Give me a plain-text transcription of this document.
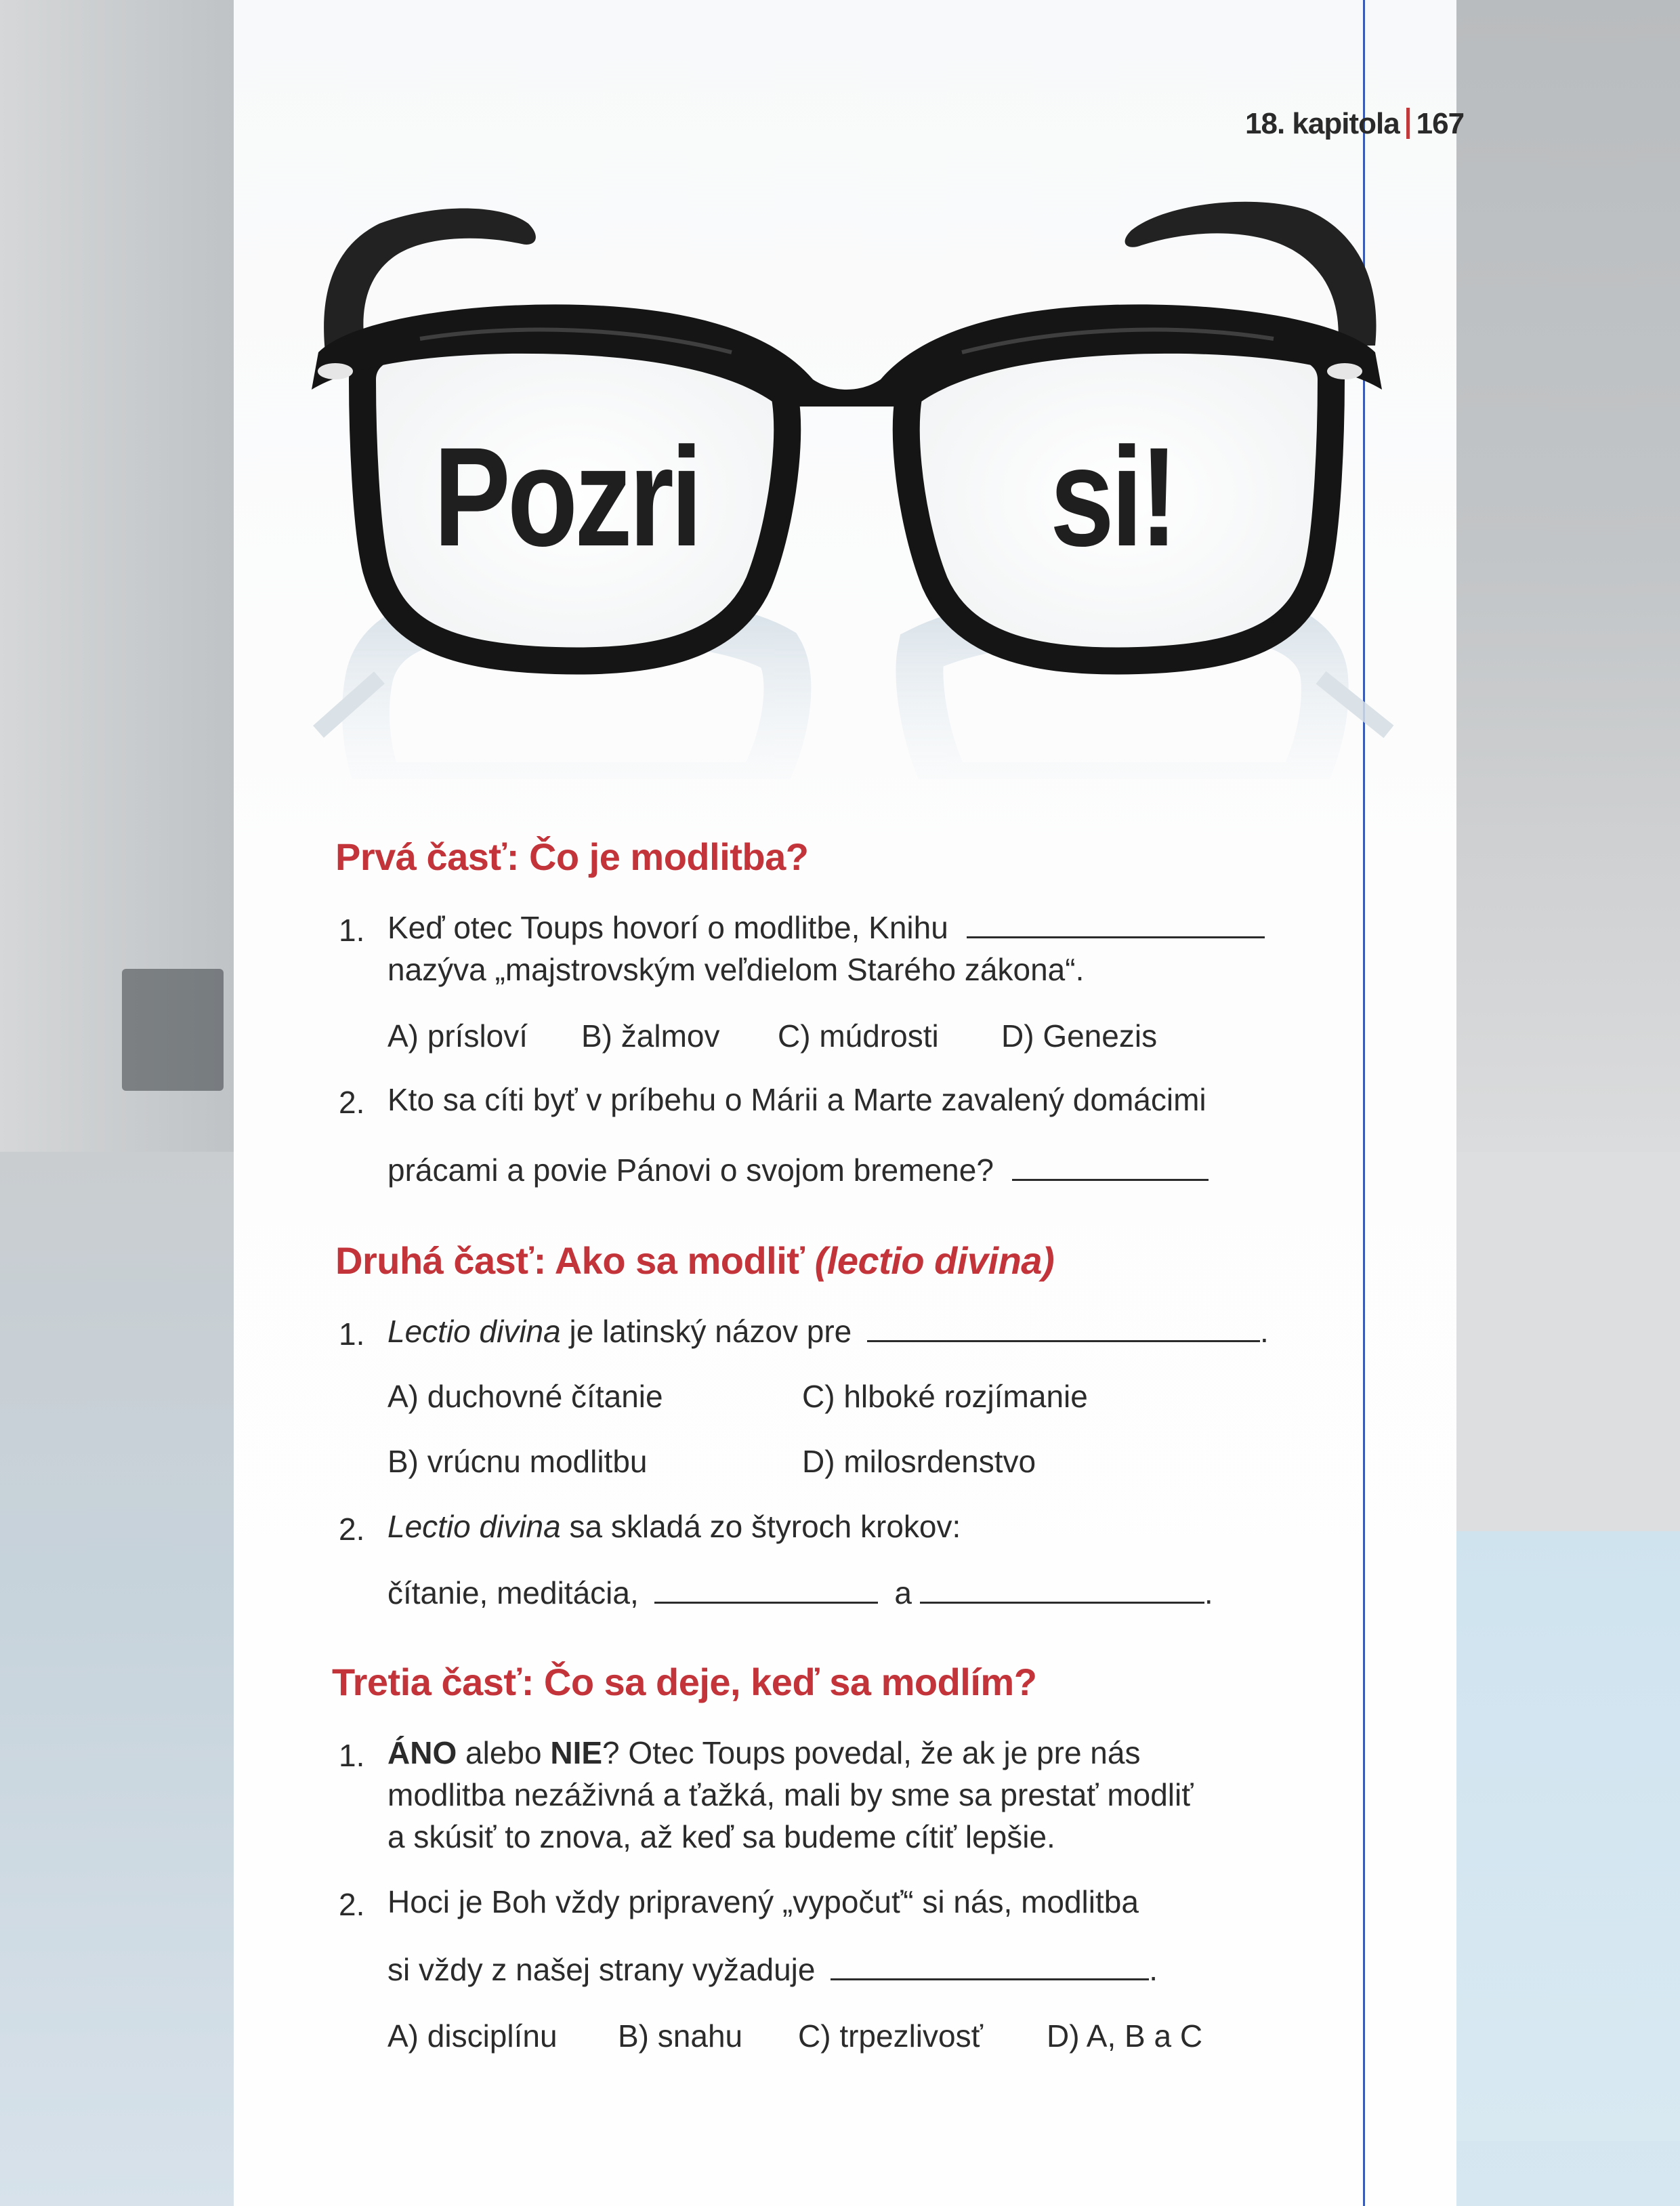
Pozri si!
18. kapitola 167
Prvá časť: Čo je modlitba?
1. Keď otec Toups hovorí o modlitbe, Knihu
nazýva „majstrovským veľdielom Starého zákona“.
A) prísloví B) žalmov C) múdrosti D) Genezis
2. Kto sa cíti byť v príbehu o Márii a Marte zavalený domácimi
prácami a povie Pánovi o svojom bremene?
Druhá časť: Ako sa modliť (lectio divina)
1. Lectio divina je latinský názov pre	.
A) duchovné čítanie	C) hlboké rozjímanie
B) vrúcnu modlitbu	D) milosrdenstvo
2. Lectio divina sa skladá zo štyroch krokov:
čítanie, meditácia,	a	.
Tretia časť: Čo sa deje, keď sa modlím?
1. ÁNO alebo NIE? Otec Toups povedal, že ak je pre nás
modlitba nezáživná a ťažká, mali by sme sa prestať modliť
a skúsiť to znova, až keď sa budeme cítiť lepšie.
2. Hoci je Boh vždy pripravený „vypočuť“ si nás, modlitba
si vždy z našej strany vyžaduje	.
A) disciplínu B) snahu C) trpezlivosť D) A, B a C
